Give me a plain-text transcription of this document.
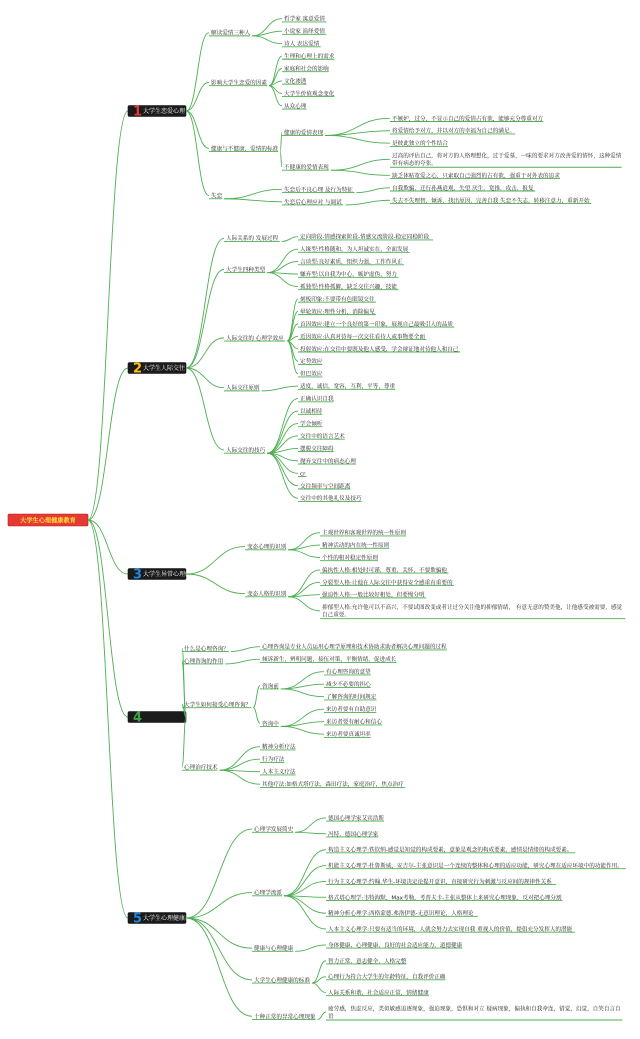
大学生心理健康教育
1 大学生恋爱心理
解读爱情三种人
哲学家 寓意爱情
小说家 演绎爱情
诗人 表达爱情
影响大学生恋爱的因素
生理和心理上的需求
家庭和社会的影响
文化渗透
大学生价值观念变化
从众心理
健康与不健康，爱情的标准
健康的爱情表现
不嫉妒，过分，不显示自己的爱情占有欲，能够充分尊重对方
将爱情给予对方，并以对方的幸福为自己的满足。
是彼此独立的个性结合
不健康的爱情表现
过高的评估自己，将对方的人格理想化，过于爱慕，一味的要求对方改善爱的情怀，这种爱情
带有病态的夸张。
缺乏体贴宽爱之心，只索取自己强烈的占有欲，强重于对外表的追求
失恋
失恋后不良心理 及行为特征	自我欺骗，迁行孙燕逍观，失望 厌生，宽推，攻击，报复
失恋后心理应对 与调试	失去不失理智，倾诉，找出原因，完善自我 失恋不失志，转移注意力，重新开始
2 大学生人际交往
人际关系的 发展过程	定向阶段-情感探索阶段-情感交流阶段-稳定同稳阶段
大学生四种类型
人缘型:性格随和，为人坦诚实在，全面发展
言谈型:良好素质，组织力强，工作作风正
嫌弃型:以自我为中心，嫉妒虚伪，努力
孤独型:性格孤僻，缺乏交往兴趣，技能
人际交往的 心理学效应
刻板印象:不要带有色眼镜交往
晕轮效应:理性分析，消除偏见
首因效应:建立一个良好的第一印象，展现自己最吸引人的品质
近因效应:认真对待每一次交往看待人或事物要全面
投射效应:在交往中要既及他人感受，学会辩证地对待他人和自己
定势效应
但巴效应
人际交往原则	适度，诚信，宽容，互利，平等，尊重
人际交往的技巧
正确认识自我
以诚相待
学会倾听
交往中的语言艺术
摆脱交往障碍
抛弃交往中的病态心理
cr
交往频率与空间距离
交往中的其他礼仪及技巧
3 大学生异常心理健康
变态心理的识别
主观世界和客观世界的统一性原则
精神活动的内在统一性原则
个性的相对稳定性原则
变态人格的识别
偏执性人格:相处时可谨，尊重，关怀，不要欺骗他
分裂型人格:让他在人际交往中获得安全感重直重要的
强迫性人格:一般比较好相处，但要慢分明
抑郁型人格:允许他可以不高兴，不要试图改变或者让过分关注他的抑郁情绪， 有意无意的赞美他，让他感受被需要，感觉
自己重要。
4
什么是心理咨询？	心理咨询是专业人员运用心理学原理和技术协助求助者解决心理问题的过程
心理咨询的作用	倾诉新生，辨明问题，接伍对策，平衡情绪，促进成长
大学生如何接受心理咨询？
咨询前
有心理咨询的意望
减少不必要的担心
了解咨询的时间规定
咨询中
来访者要有自助意识
来访者要有耐心和信心
来访者要真诚坦率
心理治疗技术
精神分析疗法
行为疗法
人本主义疗法
其他疗法:如格式塔疗法，森田疗法，家庭治疗，焦点治疗
5 大学生心理健康教育概述
心理学发展简史
德国心理学家艾宾浩斯
冯特，德国心理学家
心理学流派
构造主义心理学:铁钦纳-感觉是知觉的构成要素，意象是观念的构成要素，感情是情绪的构成要素。
机能主义心理学:杜鲁斯威，安吉尔-主张意识是一个连续的整体和心理的适应功能，研究心理在适应环境中的功能作用。
行为主义心理学:约翰.华生-环境决定论提开意识，直接研究行为刺激与反应间的规律性关系
格式塔心理学:韦特海默，Max考勒，考普夫卡-主张从整体上来研究心理现象，反对把心理分割
精神分析心理学:西格蒙德.弗洛伊德-无意识理论，人格理论
人本主义心理学:只要有适当的环境，人就会努力去实现自我 重视人的价值，提倡充分发挥人的潜能
健康与心理健康
身体健康，心理健康，良好的社会适应能力，道德健康
大学生心理健康的标准
智力正常，意志健全，人格完整
心理行为符合大学生的年龄特征，自我评价正确
人际关系和谐，社会适应正常，情绪健康
十种正常的异常心理现象
疲劳感，焦虑反应，类似敏感追逐现象，强迫现象，恐惧和对立 疑病现象，偏执和自我牵连，错觉，幻觉，自笑自言自
语
